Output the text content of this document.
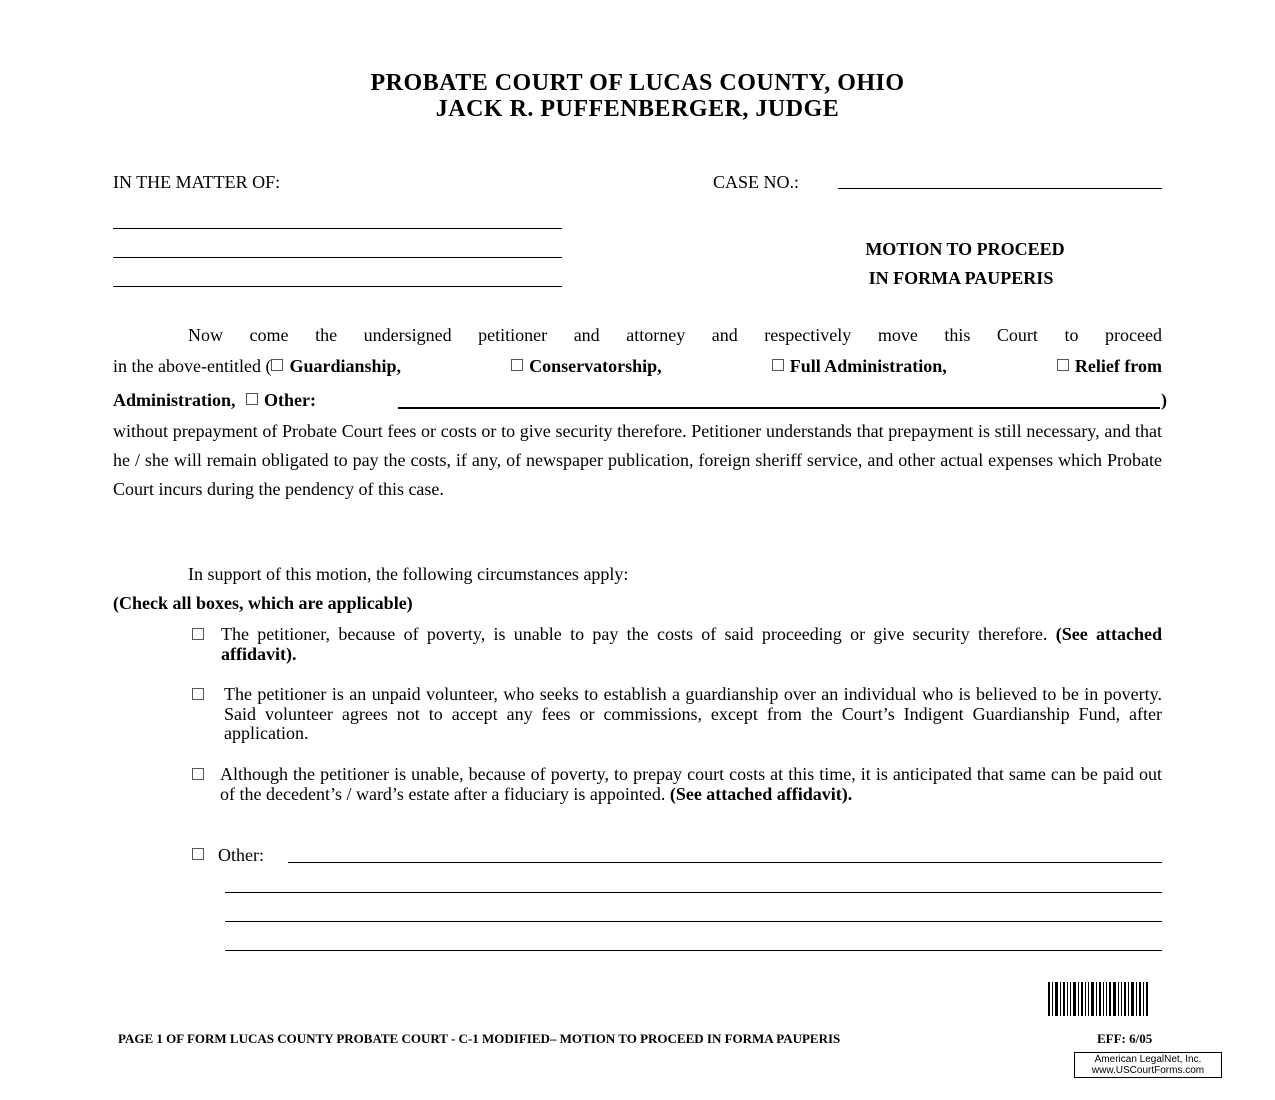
PROBATE COURT OF LUCAS COUNTY, OHIO
JACK R. PUFFENBERGER, JUDGE
IN THE MATTER OF:	CASE NO.:
MOTION TO PROCEED
IN FORMA PAUPERIS
Now come the undersigned petitioner and attorney and respectively move this Court to proceed
in the above-entitled ( Guardianship,	Conservatorship,	Full Administration,	Relief from
Administration, Other:	)
without prepayment of Probate Court fees or costs or to give security therefore. Petitioner understands that prepayment is still necessary, and that he / she will remain obligated to pay the costs, if any, of newspaper publication, foreign sheriff service, and other actual expenses which Probate Court incurs during the pendency of this case.
In support of this motion, the following circumstances apply:
(Check all boxes, which are applicable)
The petitioner, because of poverty, is unable to pay the costs of said proceeding or give security therefore. (See attached affidavit).
The petitioner is an unpaid volunteer, who seeks to establish a guardianship over an individual who is believed to be in poverty. Said volunteer agrees not to accept any fees or commissions, except from the Court’s Indigent Guardianship Fund, after application.
Although the petitioner is unable, because of poverty, to prepay court costs at this time, it is anticipated that same can be paid out of the decedent’s / ward’s estate after a fiduciary is appointed. (See attached affidavit).
Other:
PAGE 1 OF FORM LUCAS COUNTY PROBATE COURT - C-1 MODIFIED– MOTION TO PROCEED IN FORMA PAUPERIS	EFF: 6/05
American LegalNet, Inc.
www.USCourtForms.com
